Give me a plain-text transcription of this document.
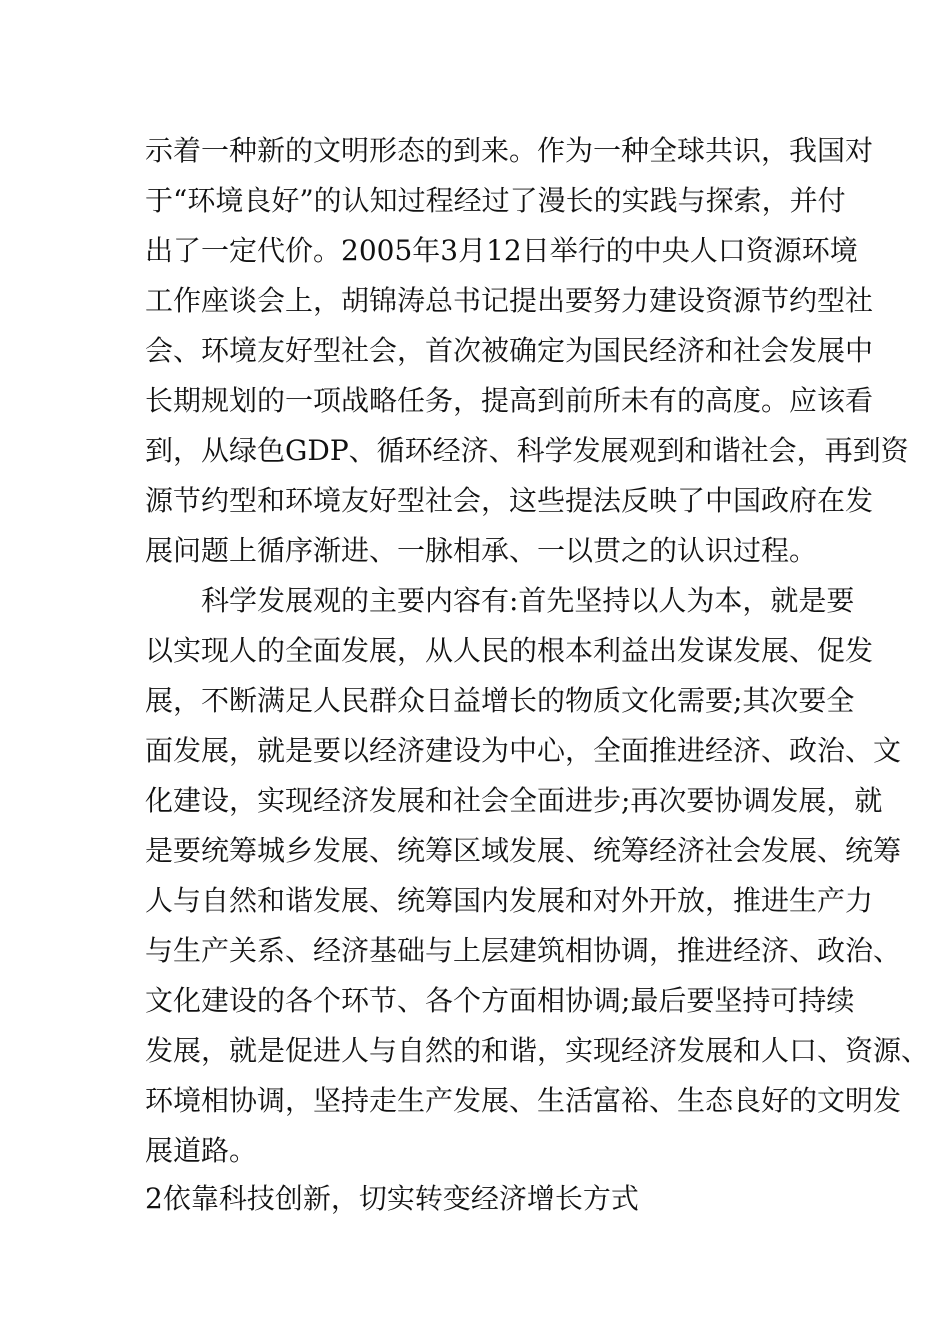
示着一种新的文明形态的到来。作为一种全球共识，我国对
于“环境良好”的认知过程经过了漫长的实践与探索，并付
出了一定代价。2005年3月12日举行的中央人口资源环境
工作座谈会上，胡锦涛总书记提出要努力建设资源节约型社
会、环境友好型社会，首次被确定为国民经济和社会发展中
长期规划的一项战略任务，提高到前所未有的高度。应该看
到，从绿色GDP、循环经济、科学发展观到和谐社会，再到资
源节约型和环境友好型社会，这些提法反映了中国政府在发
展问题上循序渐进、一脉相承、一以贯之的认识过程。
科学发展观的主要内容有:首先坚持以人为本，就是要
以实现人的全面发展，从人民的根本利益出发谋发展、促发
展，不断满足人民群众日益增长的物质文化需要;其次要全
面发展，就是要以经济建设为中心，全面推进经济、政治、文
化建设，实现经济发展和社会全面进步;再次要协调发展，就
是要统筹城乡发展、统筹区域发展、统筹经济社会发展、统筹
人与自然和谐发展、统筹国内发展和对外开放，推进生产力
与生产关系、经济基础与上层建筑相协调，推进经济、政治、
文化建设的各个环节、各个方面相协调;最后要坚持可持续
发展，就是促进人与自然的和谐，实现经济发展和人口、资源、
环境相协调，坚持走生产发展、生活富裕、生态良好的文明发
展道路。
2依靠科技创新，切实转变经济增长方式
